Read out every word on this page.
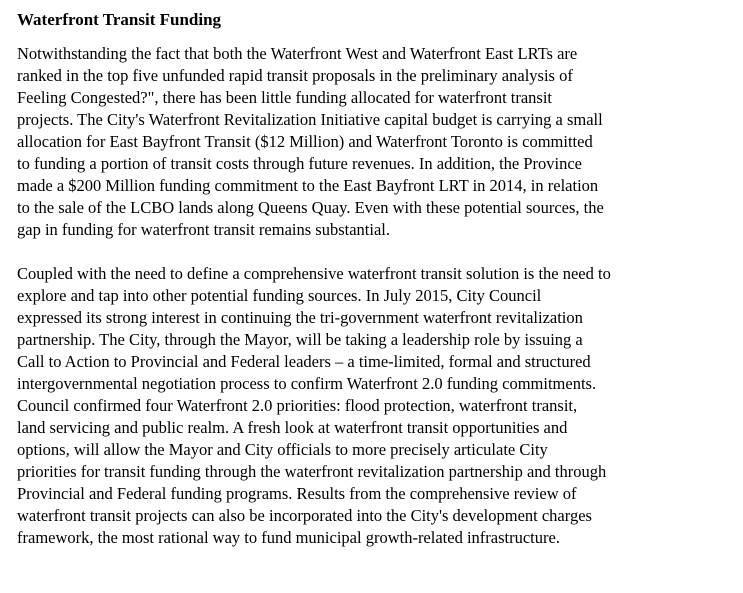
Waterfront Transit Funding
Notwithstanding the fact that both the Waterfront West and Waterfront East LRTs are
ranked in the top five unfunded rapid transit proposals in the preliminary analysis of
Feeling Congested?", there has been little funding allocated for waterfront transit
projects. The City's Waterfront Revitalization Initiative capital budget is carrying a small
allocation for East Bayfront Transit ($12 Million) and Waterfront Toronto is committed
to funding a portion of transit costs through future revenues. In addition, the Province
made a $200 Million funding commitment to the East Bayfront LRT in 2014, in relation
to the sale of the LCBO lands along Queens Quay. Even with these potential sources, the
gap in funding for waterfront transit remains substantial.
Coupled with the need to define a comprehensive waterfront transit solution is the need to
explore and tap into other potential funding sources. In July 2015, City Council
expressed its strong interest in continuing the tri-government waterfront revitalization
partnership. The City, through the Mayor, will be taking a leadership role by issuing a
Call to Action to Provincial and Federal leaders – a time-limited, formal and structured
intergovernmental negotiation process to confirm Waterfront 2.0 funding commitments.
Council confirmed four Waterfront 2.0 priorities: flood protection, waterfront transit,
land servicing and public realm. A fresh look at waterfront transit opportunities and
options, will allow the Mayor and City officials to more precisely articulate City
priorities for transit funding through the waterfront revitalization partnership and through
Provincial and Federal funding programs. Results from the comprehensive review of
waterfront transit projects can also be incorporated into the City's development charges
framework, the most rational way to fund municipal growth-related infrastructure.
